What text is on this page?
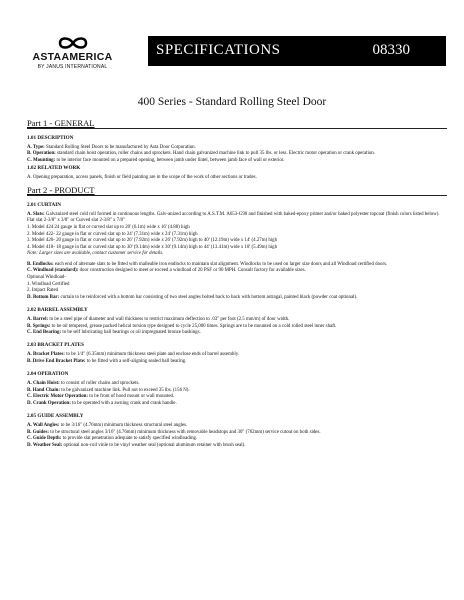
ASTAAMERICA
BY JANUS INTERNATIONAL
SPECIFICATIONS	08330
400 Series - Standard Rolling Steel Door
Part 1 - GENERAL
1.01 DESCRIPTION
A. Type: Standard Rolling Steel Doors to be manufactured by Asta Door Corporation.
B. Operation: standard chain hoist operation, roller chains and sprockets. Hand chain galvanized machine link to pull 35 lbs. or less. Electric motor operation or crank operation.
C. Mounting: to be interior face mounted on a prepared opening, between jamb under lintel, between jamb face of wall or exterior.
1.02 RELATED WORK
A. Opening preparation, access panels, finish or field painting are in the scope of the work of other sections or trades.
Part 2 - PRODUCT
2.01 CURTAIN
A. Slats: Galvanized steel cold roll formed in continuous lengths. Galv-anized according to A.S.T.M. A653-G90 and finished with baked-epoxy primer and/or baked polyester topcoat (finish colors listed below). Flat slat 2-3/8" x 3/8" or Curved slat 2-3/8" x 7/8"
1. Model 424 24 gauge in flat or curved slat up to 20' (6.1m) wide x 16' (4.88) high
2. Model 422- 22 gauge in flat or curved slat up to 24' (7.31m) wide x 24' (7.31m) high
3. Model 420- 20 gauge in flat or curved slat up to 26' (7.92m) wide x 26' (7.92m) high to 40' (12.19m) wide x 14' (4.27m) high
4. Model 418- 18 gauge in flat or curved slat up to 30' (9.14m) wide x 30' (9.14m) high to 44' (13.41m) wide x 18' (5.49m) high
Note: Larger sizes are available, contact customer service for details.
B. Endlocks: each end of alternate slats to be fitted with malleable iron endlocks to maintain slat alignment. Windlocks to be used on larger size doors and all Windload certified doors.
C. Windload (standard): door construction designed to meet or exceed a windload of 20 PSF or 90 MPH. Consult factory for available sizes.
Optional Windload-
1. Windload Certified
2. Impact Rated
D. Bottom Bar: curtain to be reinforced with a bottom bar consisting of two steel angles bolted back to back with bottom astragal, painted black (powder coat optional).
2.02 BARREL ASSEMBLY
A. Barrel: to be a steel pipe of diameter and wall thickness to restrict maximum deflection to .03" per foot (2.5 mm/m) of door width.
B. Springs: to be oil tempered, grease packed helical torsion type designed to cycle 25,000 times. Springs are to be mounted on a cold rolled steel inner shaft.
C. End Bearing: to be self lubricating ball bearings or oil impregnated bronze bushings.
2.03 BRACKET PLATES
A. Bracket Plates: to be 1/4" (6.35mm) minimum thickness steel plate and enclose ends of barrel assembly.
B. Drive End Bracket Plate: to be fitted with a self-aligning sealed ball bearing.
2.04 OPERATION
A. Chain Hoist: to consist of roller chains and sprockets.
B. Hand Chain: to be galvanized machine link. Pull not to exceed 35 lbs. (156 N).
C. Electric Motor Operation: to be front of hood mount or wall mounted.
D. Crank Operation: to be operated with a awning crank and crank handle.
2.05 GUIDE ASSEMBLY
A. Wall Angles: to be 3/16" (4.76mm) minimum thickness structural steel angles.
B. Guides: to be structural steel angles 3/16" (4.76mm) minimum thickness with removable headstops and 30" (762mm) service cutout on both sides.
C. Guide Depth: to provide slat penetration adequate to satisfy specified windloading.
D. Weather Seal: optional non-coil vinle to be vinyl weather seal (optional aluminum retainer with brush seal).
